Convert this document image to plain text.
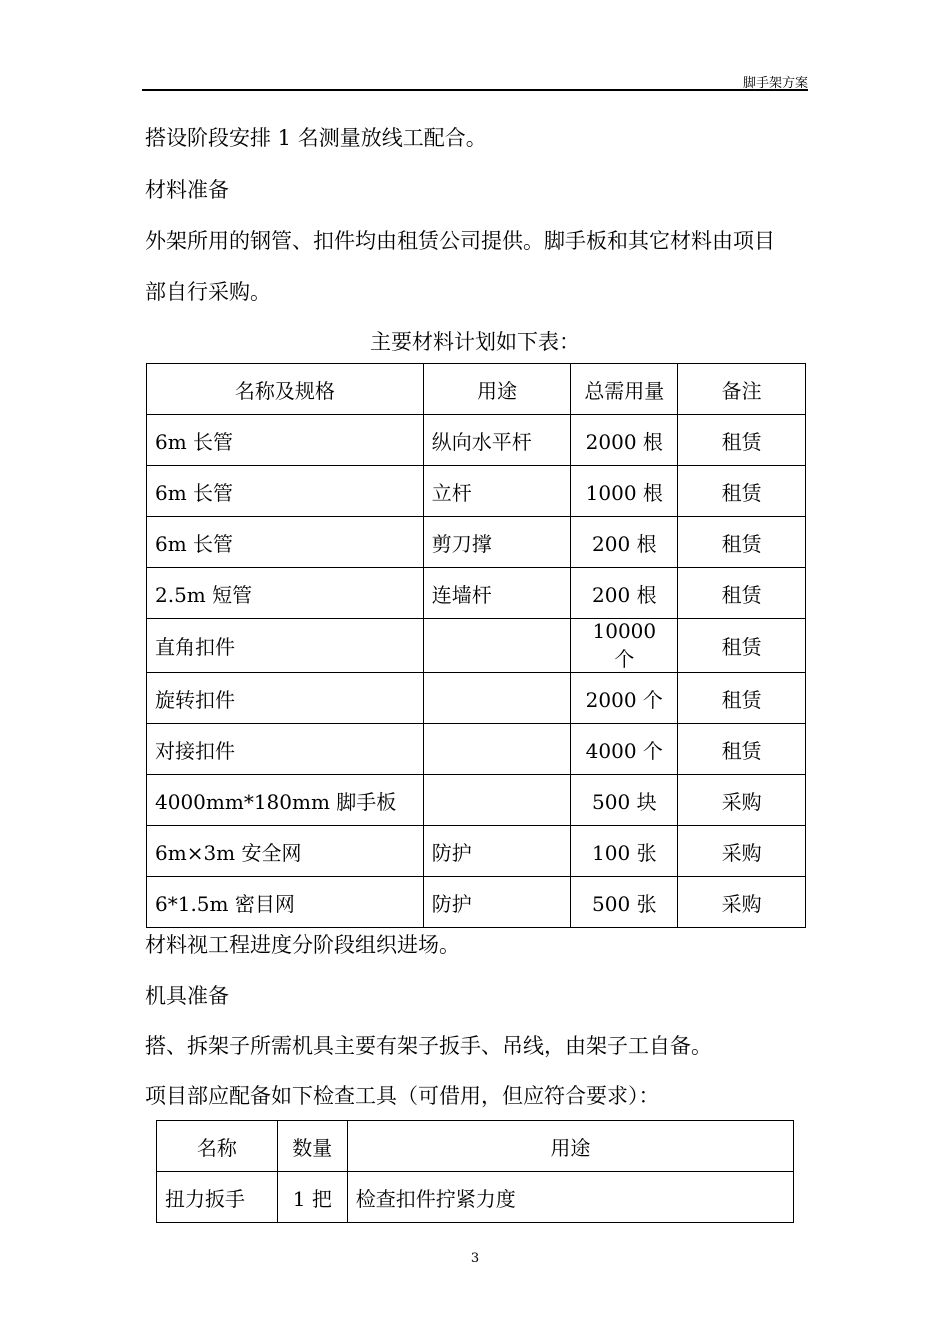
脚手架方案
搭设阶段安排 1 名测量放线工配合。
材料准备
外架所用的钢管、扣件均由租赁公司提供。脚手板和其它材料由项目
部自行采购。
主要材料计划如下表：
名称及规格	用途	总需用量	备注
6m 长管	纵向水平杆	2000 根	租赁
6m 长管	立杆	1000 根	租赁
6m 长管	剪刀撑	200 根	租赁
2.5m 短管	连墙杆	200 根	租赁
直角扣件		10000 个	租赁
旋转扣件		2000 个	租赁
对接扣件		4000 个	租赁
4000mm*180mm 脚手板		500 块	采购
6m×3m 安全网	防护	100 张	采购
6*1.5m 密目网	防护	500 张	采购
材料视工程进度分阶段组织进场。
机具准备
搭、拆架子所需机具主要有架子扳手、吊线，由架子工自备。
项目部应配备如下检查工具（可借用，但应符合要求）：
名称	数量	用途
扭力扳手	1 把	检查扣件拧紧力度
3
